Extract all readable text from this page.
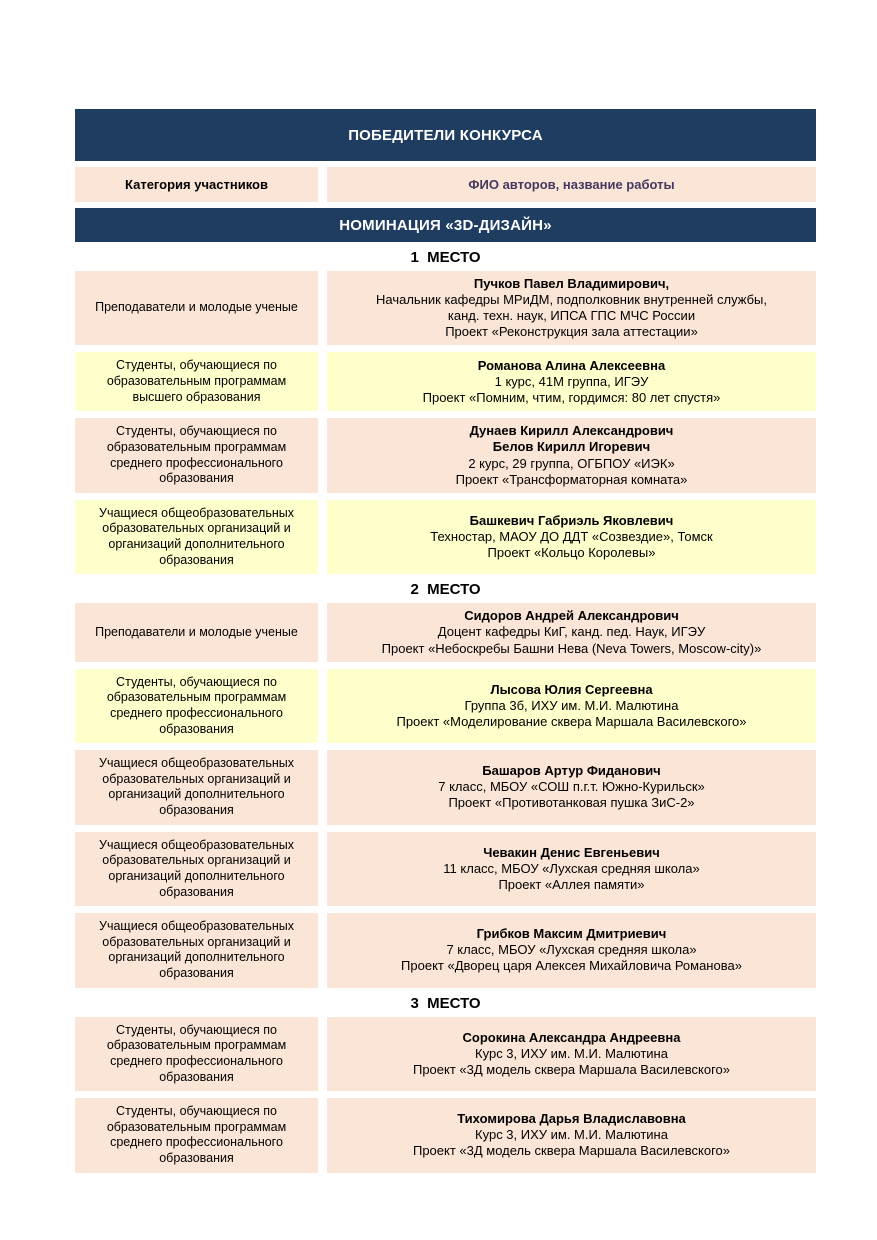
ПОБЕДИТЕЛИ КОНКУРСА
Категория участников	ФИО авторов, название работы
НОМИНАЦИЯ «3D-ДИЗАЙН»
1  МЕСТО
Преподаватели и молодые ученые
Пучков Павел Владимирович,
Начальник кафедры МРиДМ, подполковник внутренней службы,
канд. техн. наук, ИПСА ГПС МЧС России
Проект «Реконструкция зала аттестации»
Студенты, обучающиеся по образовательным программам высшего образования
Романова Алина Алексеевна
1 курс, 41М группа, ИГЭУ
Проект «Помним, чтим, гордимся: 80 лет спустя»
Студенты, обучающиеся по образовательным программам среднего профессионального образования
Дунаев Кирилл Александрович
Белов Кирилл Игоревич
2 курс, 29 группа, ОГБПОУ «ИЭК»
Проект «Трансформаторная комната»
Учащиеся общеобразовательных образовательных организаций и организаций дополнительного образования
Башкевич Габриэль Яковлевич
Техностар, МАОУ ДО ДДТ «Созвездие», Томск
Проект «Кольцо Королевы»
2  МЕСТО
Преподаватели и молодые ученые
Сидоров Андрей Александрович
Доцент кафедры КиГ, канд. пед. Наук, ИГЭУ
Проект «Небоскребы Башни Нева (Neva Towers, Moscow-city)»
Студенты, обучающиеся по образовательным программам среднего профессионального образования
Лысова Юлия Сергеевна
Группа 3б, ИХУ им. М.И. Малютина
Проект «Моделирование сквера Маршала Василевского»
Учащиеся общеобразовательных образовательных организаций и организаций дополнительного образования
Башаров Артур Фиданович
7 класс, МБОУ «СОШ п.г.т. Южно-Курильск»
Проект «Противотанковая пушка ЗиС-2»
Учащиеся общеобразовательных образовательных организаций и организаций дополнительного образования
Чевакин Денис Евгеньевич
11 класс, МБОУ «Лухская средняя школа»
Проект «Аллея памяти»
Учащиеся общеобразовательных образовательных организаций и организаций дополнительного образования
Грибков Максим Дмитриевич
7 класс, МБОУ «Лухская средняя школа»
Проект «Дворец царя Алексея Михайловича Романова»
3  МЕСТО
Студенты, обучающиеся по образовательным программам среднего профессионального образования
Сорокина Александра Андреевна
Курс 3, ИХУ им. М.И. Малютина
Проект «3Д модель сквера Маршала Василевского»
Студенты, обучающиеся по образовательным программам среднего профессионального образования
Тихомирова Дарья Владиславовна
Курс 3, ИХУ им. М.И. Малютина
Проект «3Д модель сквера Маршала Василевского»
